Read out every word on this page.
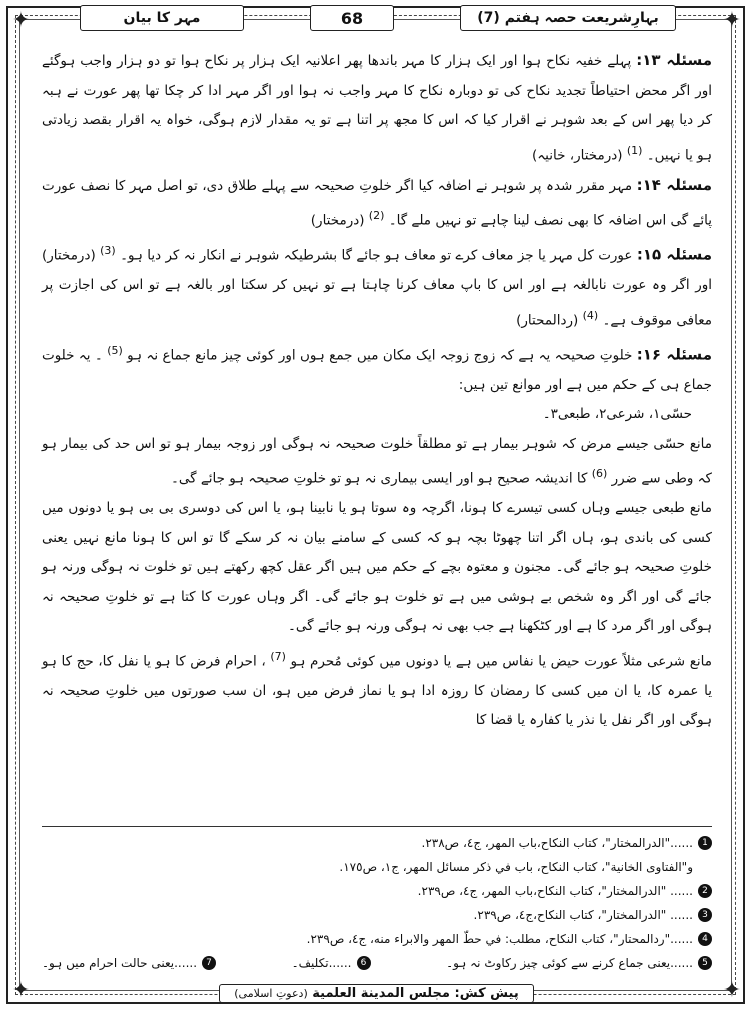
✦	✦
✦	✦
مہر کا بیان	68	بہارِشریعت حصہ ہفتم (7)

مسئلہ ۱۳: پہلے خفیہ نکاح ہوا اور ایک ہزار کا مہر باندھا پھر اعلانیہ ایک ہزار پر نکاح ہوا تو دو ہزار واجب ہوگئے اور اگر محض احتیاطاً تجدید نکاح کی تو دوبارہ نکاح کا مہر واجب نہ ہوا اور اگر مہر ادا کر چکا تھا پھر عورت نے ہبہ کر دیا پھر اس کے بعد شوہر نے اقرار کیا کہ اس کا مجھ پر اتنا ہے تو یہ مقدار لازم ہوگی، خواہ یہ اقرار بقصد زیادتی ہو یا نہیں۔ $^{(1)}$ (درمختار، خانیہ)

مسئلہ ۱۴: مہر مقرر شدہ پر شوہر نے اضافہ کیا اگر خلوتِ صحیحہ سے پہلے طلاق دی، تو اصل مہر کا نصف عورت پائے گی اس اضافہ کا بھی نصف لینا چاہے تو نہیں ملے گا۔ $^{(2)}$ (درمختار)

مسئلہ ۱۵: عورت کل مہر یا جز معاف کرے تو معاف ہو جائے گا بشرطیکہ شوہر نے انکار نہ کر دیا ہو۔ $^{(3)}$ (درمختار) اور اگر وہ عورت نابالغہ ہے اور اس کا باپ معاف کرنا چاہتا ہے تو نہیں کر سکتا اور بالغہ ہے تو اس کی اجازت پر معافی موقوف ہے۔ $^{(4)}$ (ردالمحتار)

مسئلہ ۱۶: خلوتِ صحیحہ یہ ہے کہ زوج زوجہ ایک مکان میں جمع ہوں اور کوئی چیز مانع جماع نہ ہو $^{(5)}$ ۔ یہ خلوت جماع ہی کے حکم میں ہے اور موانع تین ہیں:

حسّی۱، شرعی۲، طبعی۳۔

مانع حسّی جیسے مرض کہ شوہر بیمار ہے تو مطلقاً خلوت صحیحہ نہ ہوگی اور زوجہ بیمار ہو تو اس حد کی بیمار ہو کہ وطی سے ضرر $^{(6)}$ کا اندیشہ صحیح ہو اور ایسی بیماری نہ ہو تو خلوتِ صحیحہ ہو جائے گی۔

مانع طبعی جیسے وہاں کسی تیسرے کا ہونا، اگرچہ وہ سوتا ہو یا نابینا ہو، یا اس کی دوسری بی بی ہو یا دونوں میں کسی کی باندی ہو، ہاں اگر اتنا چھوٹا بچہ ہو کہ کسی کے سامنے بیان نہ کر سکے گا تو اس کا ہونا مانع نہیں یعنی خلوتِ صحیحہ ہو جائے گی۔ مجنون و معتوہ بچے کے حکم میں ہیں اگر عقل کچھ رکھتے ہیں تو خلوت نہ ہوگی ورنہ ہو جائے گی اور اگر وہ شخص بے ہوشی میں ہے تو خلوت ہو جائے گی۔ اگر وہاں عورت کا کتا ہے تو خلوتِ صحیحہ نہ ہوگی اور اگر مرد کا ہے اور کٹکھنا ہے جب بھی نہ ہوگی ورنہ ہو جائے گی۔

مانع شرعی مثلاً عورت حیض یا نفاس میں ہے یا دونوں میں کوئی مُحرم ہو $^{(7)}$ ، احرام فرض کا ہو یا نفل کا، حج کا ہو یا عمرہ کا، یا ان میں کسی کا رمضان کا روزہ ادا ہو یا نماز فرض میں ہو، ان سب صورتوں میں خلوتِ صحیحہ نہ ہوگی اور اگر نفل یا نذر یا کفارہ یا قضا کا

1
......"الدرالمختار"، كتاب النكاح،باب المهر، ج٤، ص٢٣٨.
و"الفتاوى الخانية"، كتاب النكاح، باب في ذكر مسائل المهر، ج١، ص١٧٥.
2
...... "الدرالمختار"، كتاب النكاح،باب المهر، ج٤، ص٢٣٩.
3
...... "الدرالمختار"، كتاب النكاح،ج٤، ص٢٣٩.
4
......"ردالمحتار"، كتاب النكاح، مطلب: في حطّ المهر والابراء منه، ج٤، ص٢٣٩.
5
......یعنی جماع کرنے سے کوئی چیز رکاوٹ نہ ہو۔
6
......تکلیف۔
7
......یعنی حالت احرام میں ہو۔
پیش کش: مجلس المدينة العلمية (دعوتِ اسلامی)
